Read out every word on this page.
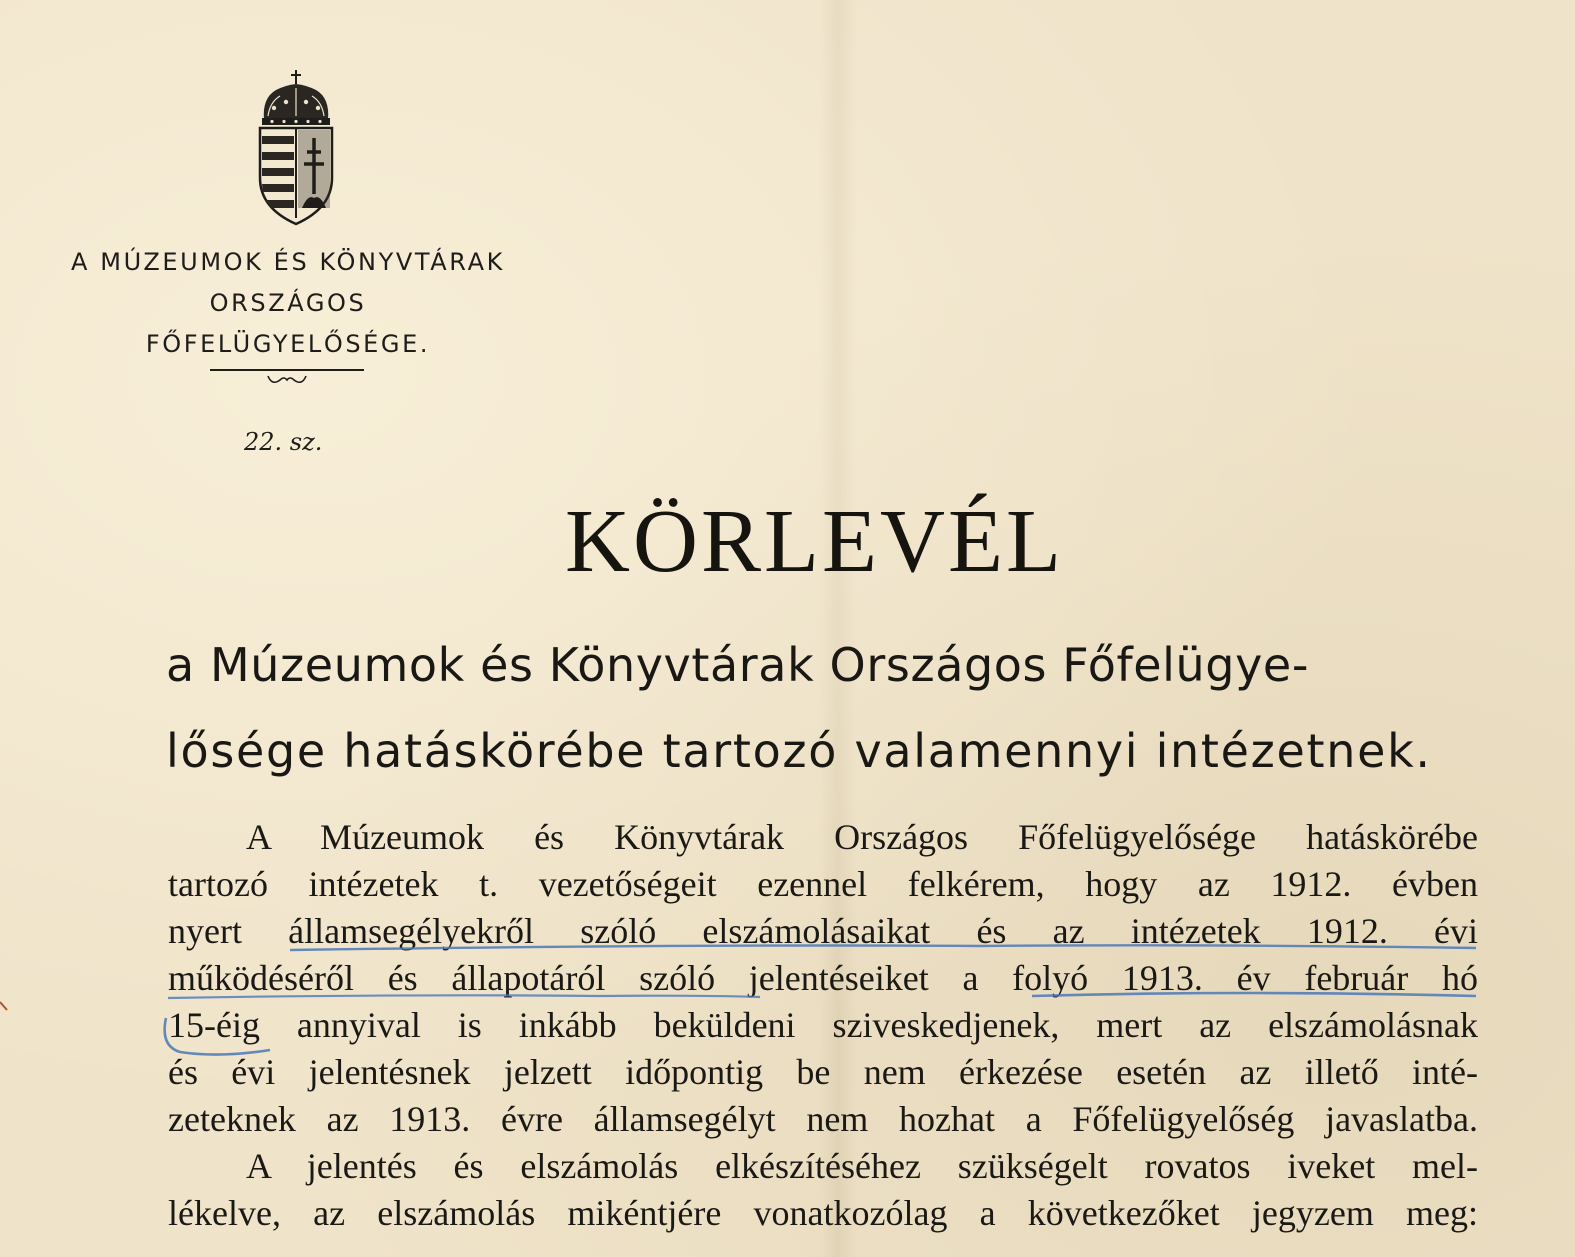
A MÚZEUMOK ÉS KÖNYVTÁRAK
ORSZÁGOS
FŐFELÜGYELŐSÉGE.
22. sz.
KÖRLEVÉL
a Múzeumok és Könyvtárak Országos Főfelügye-
lősége hatáskörébe tartozó valamennyi intézetnek.
A Múzeumok és Könyvtárak Országos Főfelügyelősége hatáskörébe
tartozó intézetek t. vezetőségeit ezennel felkérem, hogy az 1912. évben
nyert államsegélyekről szóló elszámolásaikat és az intézetek 1912. évi
működéséről és állapotáról szóló jelentéseiket a folyó 1913. év február hó
15-éig annyival is inkább beküldeni sziveskedjenek, mert az elszámolásnak
és évi jelentésnek jelzett időpontig be nem érkezése esetén az illető inté-
zeteknek az 1913. évre államsegélyt nem hozhat a Főfelügyelőség javaslatba.
A jelentés és elszámolás elkészítéséhez szükségelt rovatos iveket mel-
lékelve, az elszámolás mikéntjére vonatkozólag a következőket jegyzem meg:
